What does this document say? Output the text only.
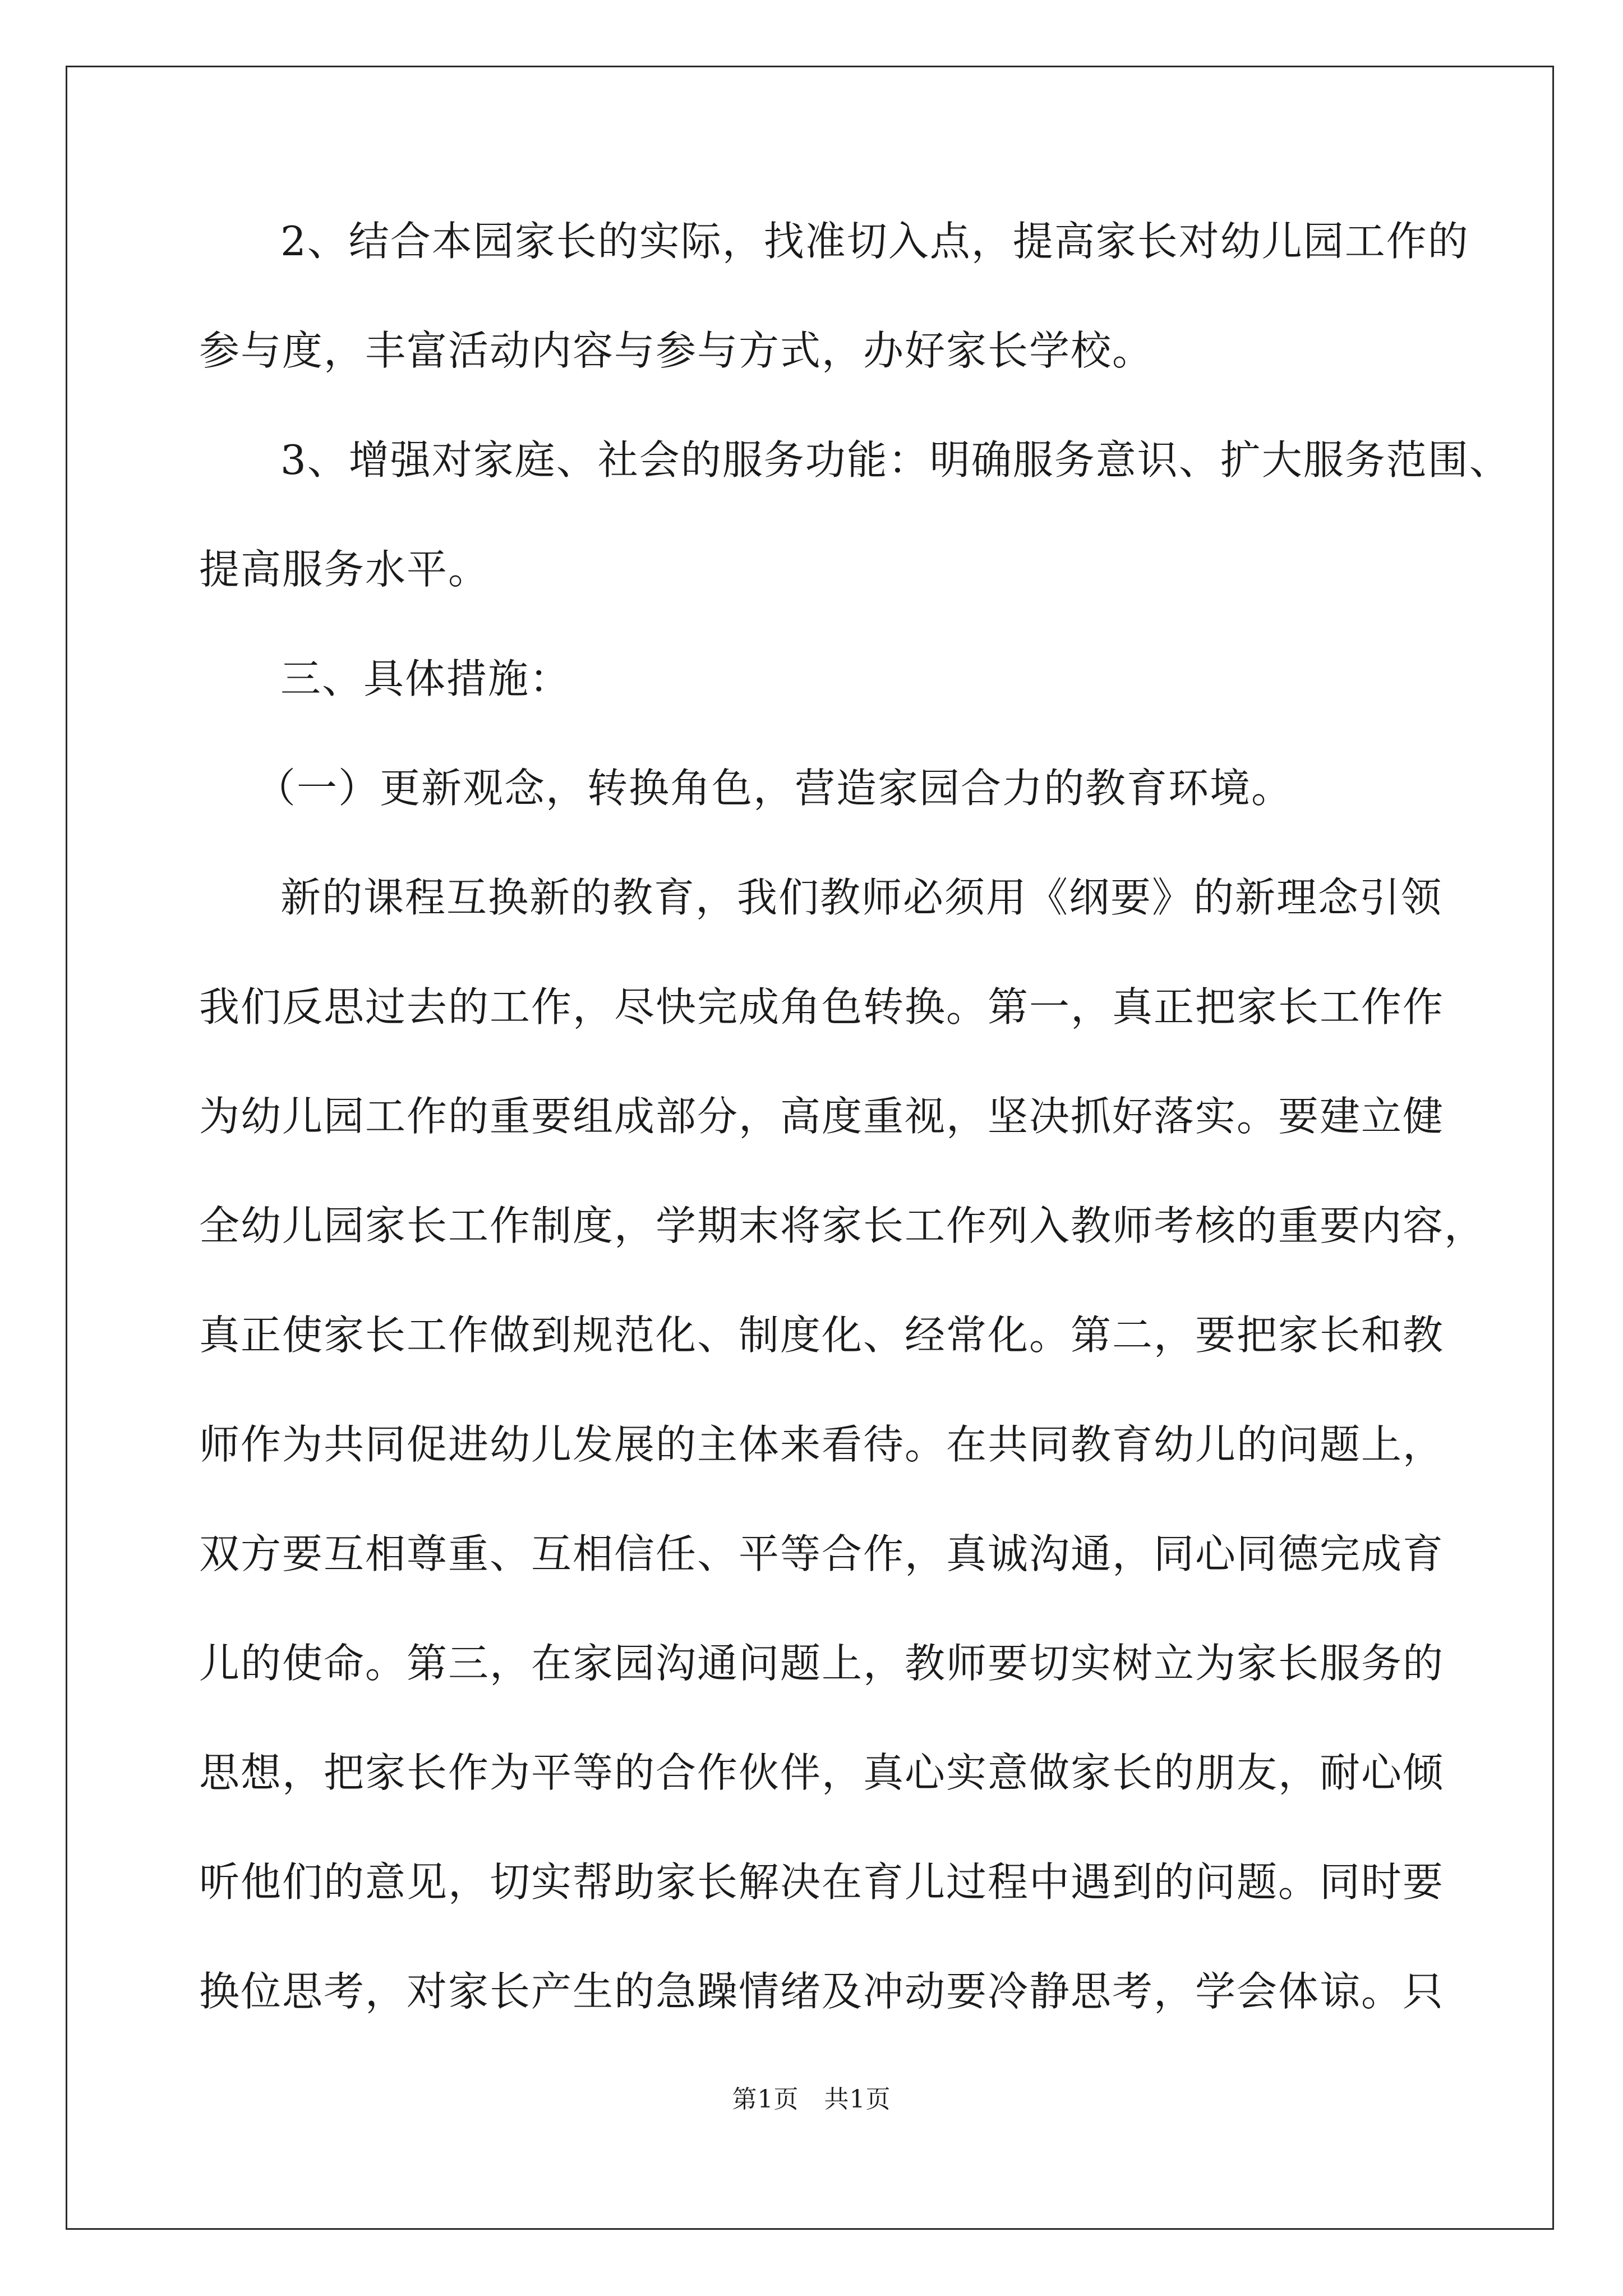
2、结合本园家长的实际，找准切入点，提高家长对幼儿园工作的
参与度，丰富活动内容与参与方式，办好家长学校。
3、增强对家庭、社会的服务功能：明确服务意识、扩大服务范围、
提高服务水平。
三、具体措施：
（一）更新观念，转换角色，营造家园合力的教育环境。
新的课程互换新的教育，我们教师必须用《纲要》的新理念引领
我们反思过去的工作，尽快完成角色转换。第一，真正把家长工作作
为幼儿园工作的重要组成部分，高度重视，坚决抓好落实。要建立健
全幼儿园家长工作制度，学期末将家长工作列入教师考核的重要内容，
真正使家长工作做到规范化、制度化、经常化。第二，要把家长和教
师作为共同促进幼儿发展的主体来看待。在共同教育幼儿的问题上，
双方要互相尊重、互相信任、平等合作，真诚沟通，同心同德完成育
儿的使命。第三，在家园沟通问题上，教师要切实树立为家长服务的
思想，把家长作为平等的合作伙伴，真心实意做家长的朋友，耐心倾
听他们的意见，切实帮助家长解决在育儿过程中遇到的问题。同时要
换位思考，对家长产生的急躁情绪及冲动要冷静思考，学会体谅。只
第1页　共1页
